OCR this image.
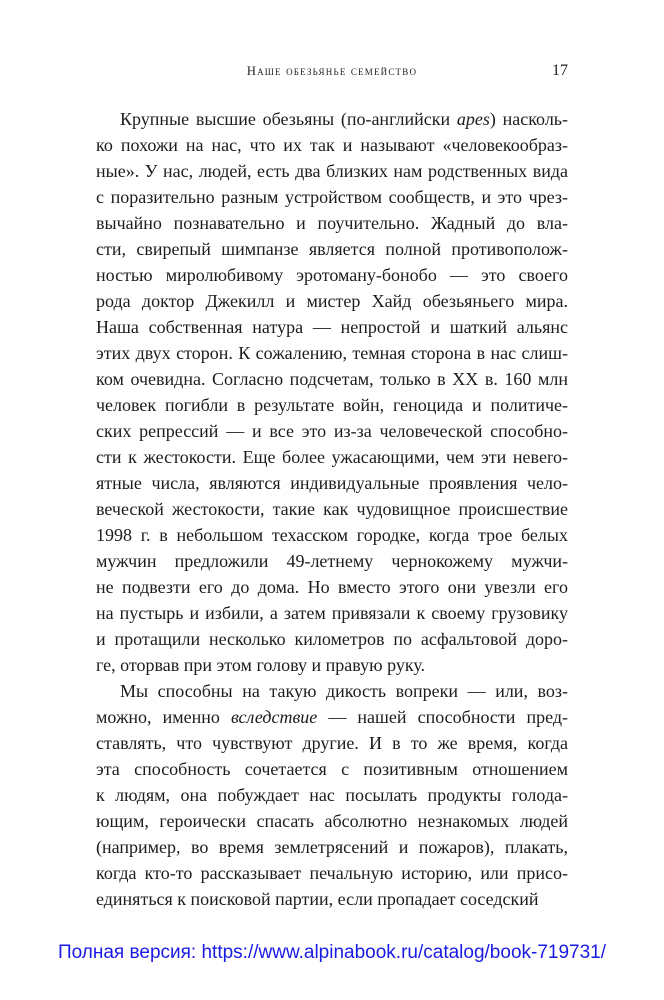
Наше обезьянье семейство	17
Крупные высшие обезьяны (по-английски apes) насколь-
ко похожи на нас, что их так и называют «человекообраз-
ные». У нас, людей, есть два близких нам родственных вида
с поразительно разным устройством сообществ, и это чрез-
вычайно познавательно и поучительно. Жадный до вла-
сти, свирепый шимпанзе является полной противополож-
ностью миролюбивому эротоману-бонобо — это своего
рода доктор Джекилл и мистер Хайд обезьяньего мира.
Наша собственная натура — непростой и шаткий альянс
этих двух сторон. К сожалению, темная сторона в нас слиш-
ком очевидна. Согласно подсчетам, только в XX в. 160 млн
человек погибли в результате войн, геноцида и политиче-
ских репрессий — и все это из-за человеческой способно-
сти к жестокости. Еще более ужасающими, чем эти невero-
ятные числа, являются индивидуальные проявления чело-
веческой жестокости, такие как чудовищное происшествие
1998 г. в небольшом техасском городке, когда трое белых
мужчин предложили 49-летнему чернокожему мужчи-
не подвезти его до дома. Но вместо этого они увезли его
на пустырь и избили, а затем привязали к своему грузовику
и протащили несколько километров по асфальтовой доро-
ге, оторвав при этом голову и правую руку.
Мы способны на такую дикость вопреки — или, воз-
можно, именно вследствие — нашей способности пред-
ставлять, что чувствуют другие. И в то же время, когда
эта способность сочетается с позитивным отношением
к людям, она побуждает нас посылать продукты голода-
ющим, героически спасать абсолютно незнакомых людей
(например, во время землетрясений и пожаров), плакать,
когда кто-то рассказывает печальную историю, или присо-
единяться к поисковой партии, если пропадает соседский
Полная версия: https://www.alpinabook.ru/catalog/book-719731/
